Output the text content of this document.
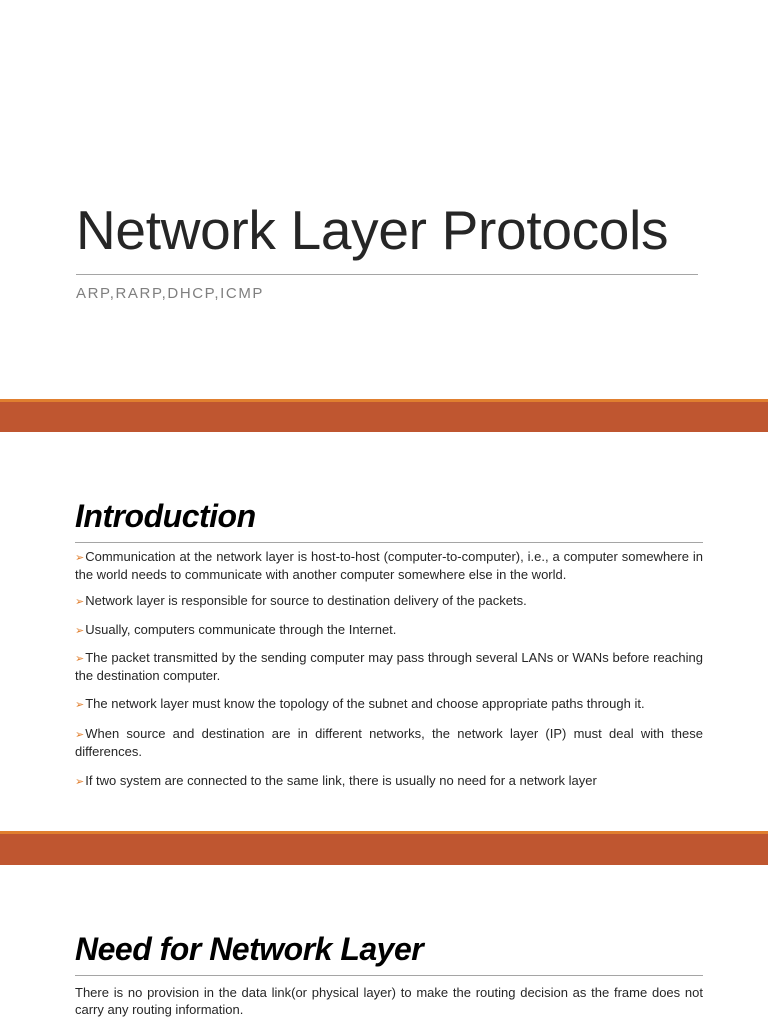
Network Layer Protocols
ARP,RARP,DHCP,ICMP
Introduction
➢Communication at the network layer is host-to-host (computer-to-computer), i.e., a computer somewhere in the world needs to communicate with another computer somewhere else in the world.
➢Network layer is responsible for source to destination delivery of the packets.
➢Usually, computers communicate through the Internet.
➢The packet transmitted by the sending computer may pass through several LANs or WANs before reaching the destination computer.
➢The network layer must know the topology of the subnet and choose appropriate paths through it.
➢When source and destination are in different networks, the network layer (IP) must deal with these differences.
➢If two system are connected to the same link, there is usually no need for a network layer
Need for Network Layer
There is no provision in the data link(or physical layer) to make the routing decision as the frame does not carry any routing information.
